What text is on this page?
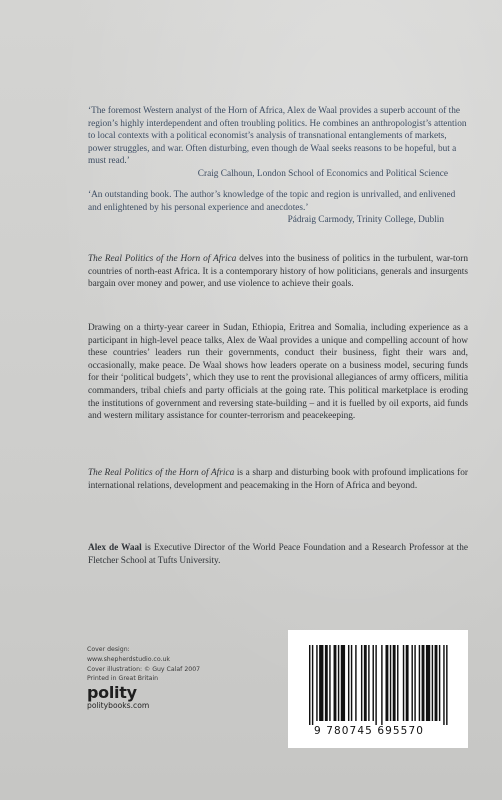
‘The foremost Western analyst of the Horn of Africa, Alex de Waal provides a superb account of the region’s highly interdependent and often troubling politics. He combines an anthropologist’s attention to local contexts with a political economist’s analysis of transnational entanglements of markets, power struggles, and war. Often disturbing, even though de Waal seeks reasons to be hopeful, but a must read.’

Craig Calhoun, London School of Economics and Political Science

‘An outstanding book. The author’s knowledge of the topic and region is unrivalled, and enlivened and enlightened by his personal experience and anecdotes.’

Pádraig Carmody, Trinity College, Dublin

The Real Politics of the Horn of Africa delves into the business of politics in the turbulent, war-torn countries of north-east Africa. It is a contemporary history of how politicians, generals and insurgents bargain over money and power, and use violence to achieve their goals.

Drawing on a thirty-year career in Sudan, Ethiopia, Eritrea and Somalia, including experience as a participant in high-level peace talks, Alex de Waal provides a unique and compelling account of how these countries’ leaders run their governments, conduct their business, fight their wars and, occasionally, make peace. De Waal shows how leaders operate on a business model, securing funds for their ‘political budgets’, which they use to rent the provisional allegiances of army officers, militia commanders, tribal chiefs and party officials at the going rate. This political marketplace is eroding the institutions of government and reversing state-building – and it is fuelled by oil exports, aid funds and western military assistance for counter-terrorism and peacekeeping.

The Real Politics of the Horn of Africa is a sharp and disturbing book with profound implications for international relations, development and peacemaking in the Horn of Africa and beyond.

Alex de Waal is Executive Director of the World Peace Foundation and a Research Professor at the Fletcher School at Tufts University.

Cover design:
www.shepherdstudio.co.uk
Cover illustration: © Guy Calaf 2007
Printed in Great Britain
polity
politybooks.com
9 780745 695570
